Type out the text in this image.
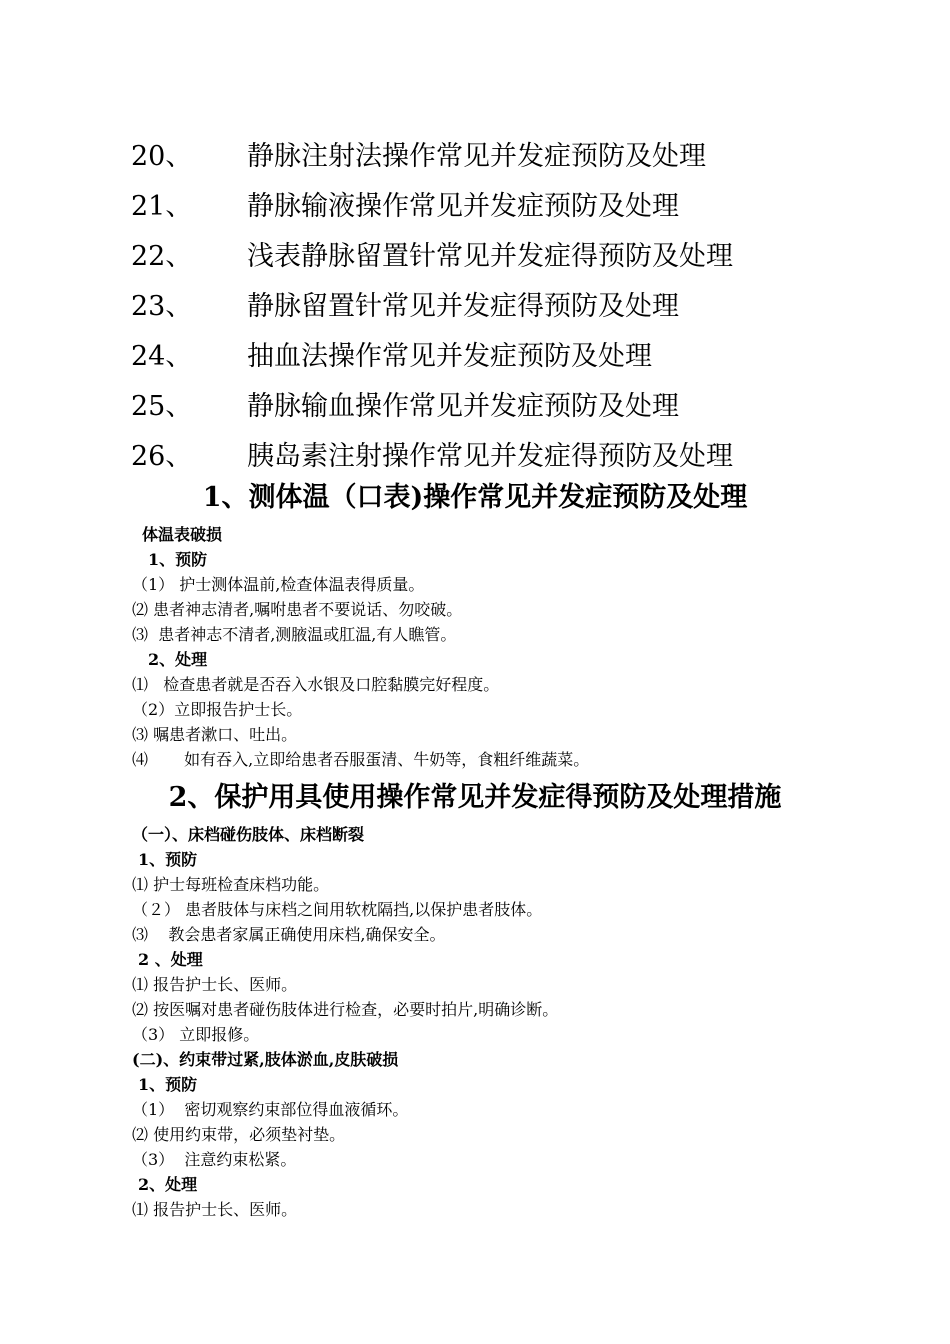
20、	静脉注射法操作常见并发症预防及处理
21、	静脉输液操作常见并发症预防及处理
22、	浅表静脉留置针常见并发症得预防及处理
23、	静脉留置针常见并发症得预防及处理
24、	抽血法操作常见并发症预防及处理
25、	静脉输血操作常见并发症预防及处理
26、	胰岛素注射操作常见并发症得预防及处理
1、测体温（口表)操作常见并发症预防及处理
体温表破损
1、预防
（1） 护士测体温前,检查体温表得质量。
⑵ 患者神志清者,嘱咐患者不要说话、勿咬破。
⑶ 患者神志不清者,测腋温或肛温,有人瞧管。
2、处理
⑴ 检查患者就是否吞入水银及口腔黏膜完好程度。
（2）立即报告护士长。
⑶ 嘱患者漱口、吐出。
⑷ 如有吞入,立即给患者吞服蛋清、牛奶等，食粗纤维蔬菜。
2、保护用具使用操作常见并发症得预防及处理措施
（一）、床档碰伤肢体、床档断裂
1、预防
⑴ 护士每班检查床档功能。
（２） 患者肢体与床档之间用软枕隔挡,以保护患者肢体。
⑶ 教会患者家属正确使用床档,确保安全。
2 、处理
⑴ 报告护士长、医师。
⑵ 按医嘱对患者碰伤肢体进行检查，必要时拍片,明确诊断。
（3） 立即报修。
(二)、约束带过紧,肢体淤血,皮肤破损
1、预防
（1） 密切观察约束部位得血液循环。
⑵ 使用约束带，必须垫衬垫。
（3） 注意约束松紧。
2、处理
⑴ 报告护士长、医师。
